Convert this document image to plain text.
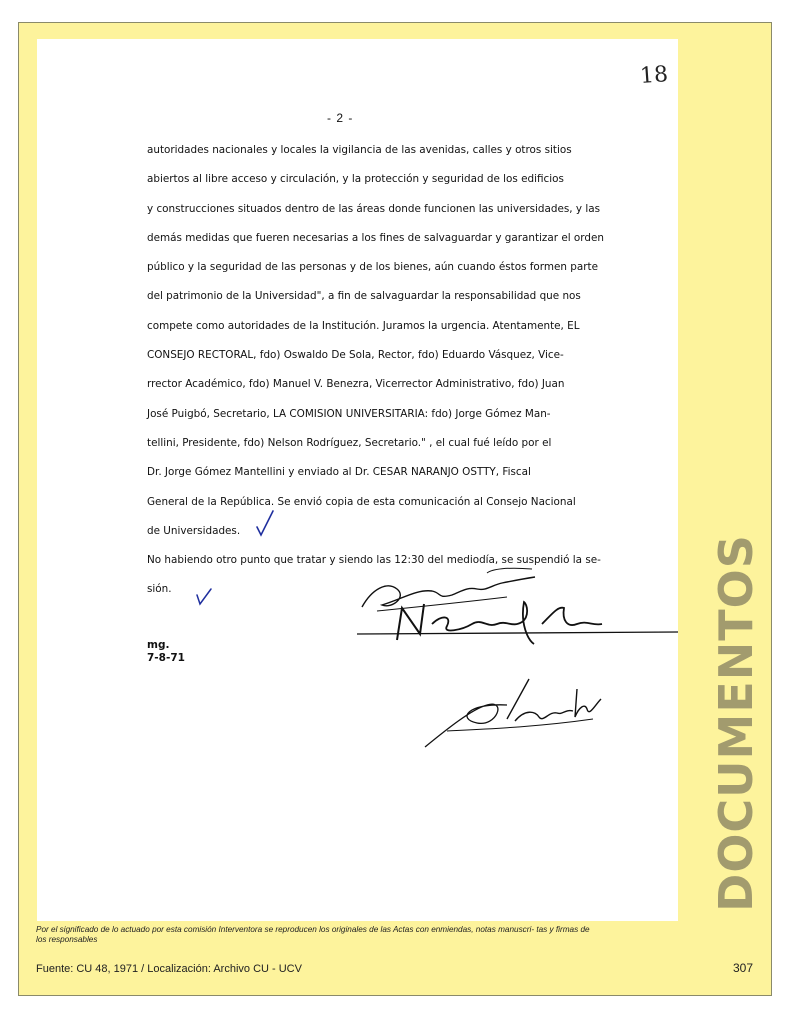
18
- 2 -
autoridades nacionales y locales la vigilancia de las avenidas, calles y otros sitios
abiertos al libre acceso y circulación, y la protección y seguridad de los edificios
y construcciones situados dentro de las áreas donde funcionen las universidades, y las
demás medidas que fueren necesarias a los fines de salvaguardar y garantizar el orden
público y la seguridad de las personas y de los bienes, aún cuando éstos formen parte
del patrimonio de la Universidad", a fin de salvaguardar la responsabilidad que nos
compete como autoridades de la Institución. Juramos la urgencia. Atentamente, EL
CONSEJO RECTORAL, fdo) Oswaldo De Sola, Rector, fdo) Eduardo Vásquez, Vice-
rrector Académico, fdo) Manuel V. Benezra, Vicerrector Administrativo, fdo) Juan
José Puigbó, Secretario, LA COMISION UNIVERSITARIA: fdo) Jorge Gómez Man-
tellini, Presidente, fdo) Nelson Rodríguez, Secretario." , el cual fué leído por el
Dr. Jorge Gómez Mantellini y enviado al Dr. CESAR NARANJO OSTTY, Fiscal
General de la República. Se envió copia de esta comunicación al Consejo Nacional
de Universidades.
No habiendo otro punto que tratar y siendo las 12:30 del mediodía, se suspendió la se-
sión.
mg.
7-8-71	DOCUMENTOS
Por el significado de lo actuado por esta comisión Interventora se reproducen los originales de las Actas con enmiendas, notas manuscri- tas y firmas de los responsables
Fuente: CU 48, 1971 / Localización: Archivo CU - UCV	307
